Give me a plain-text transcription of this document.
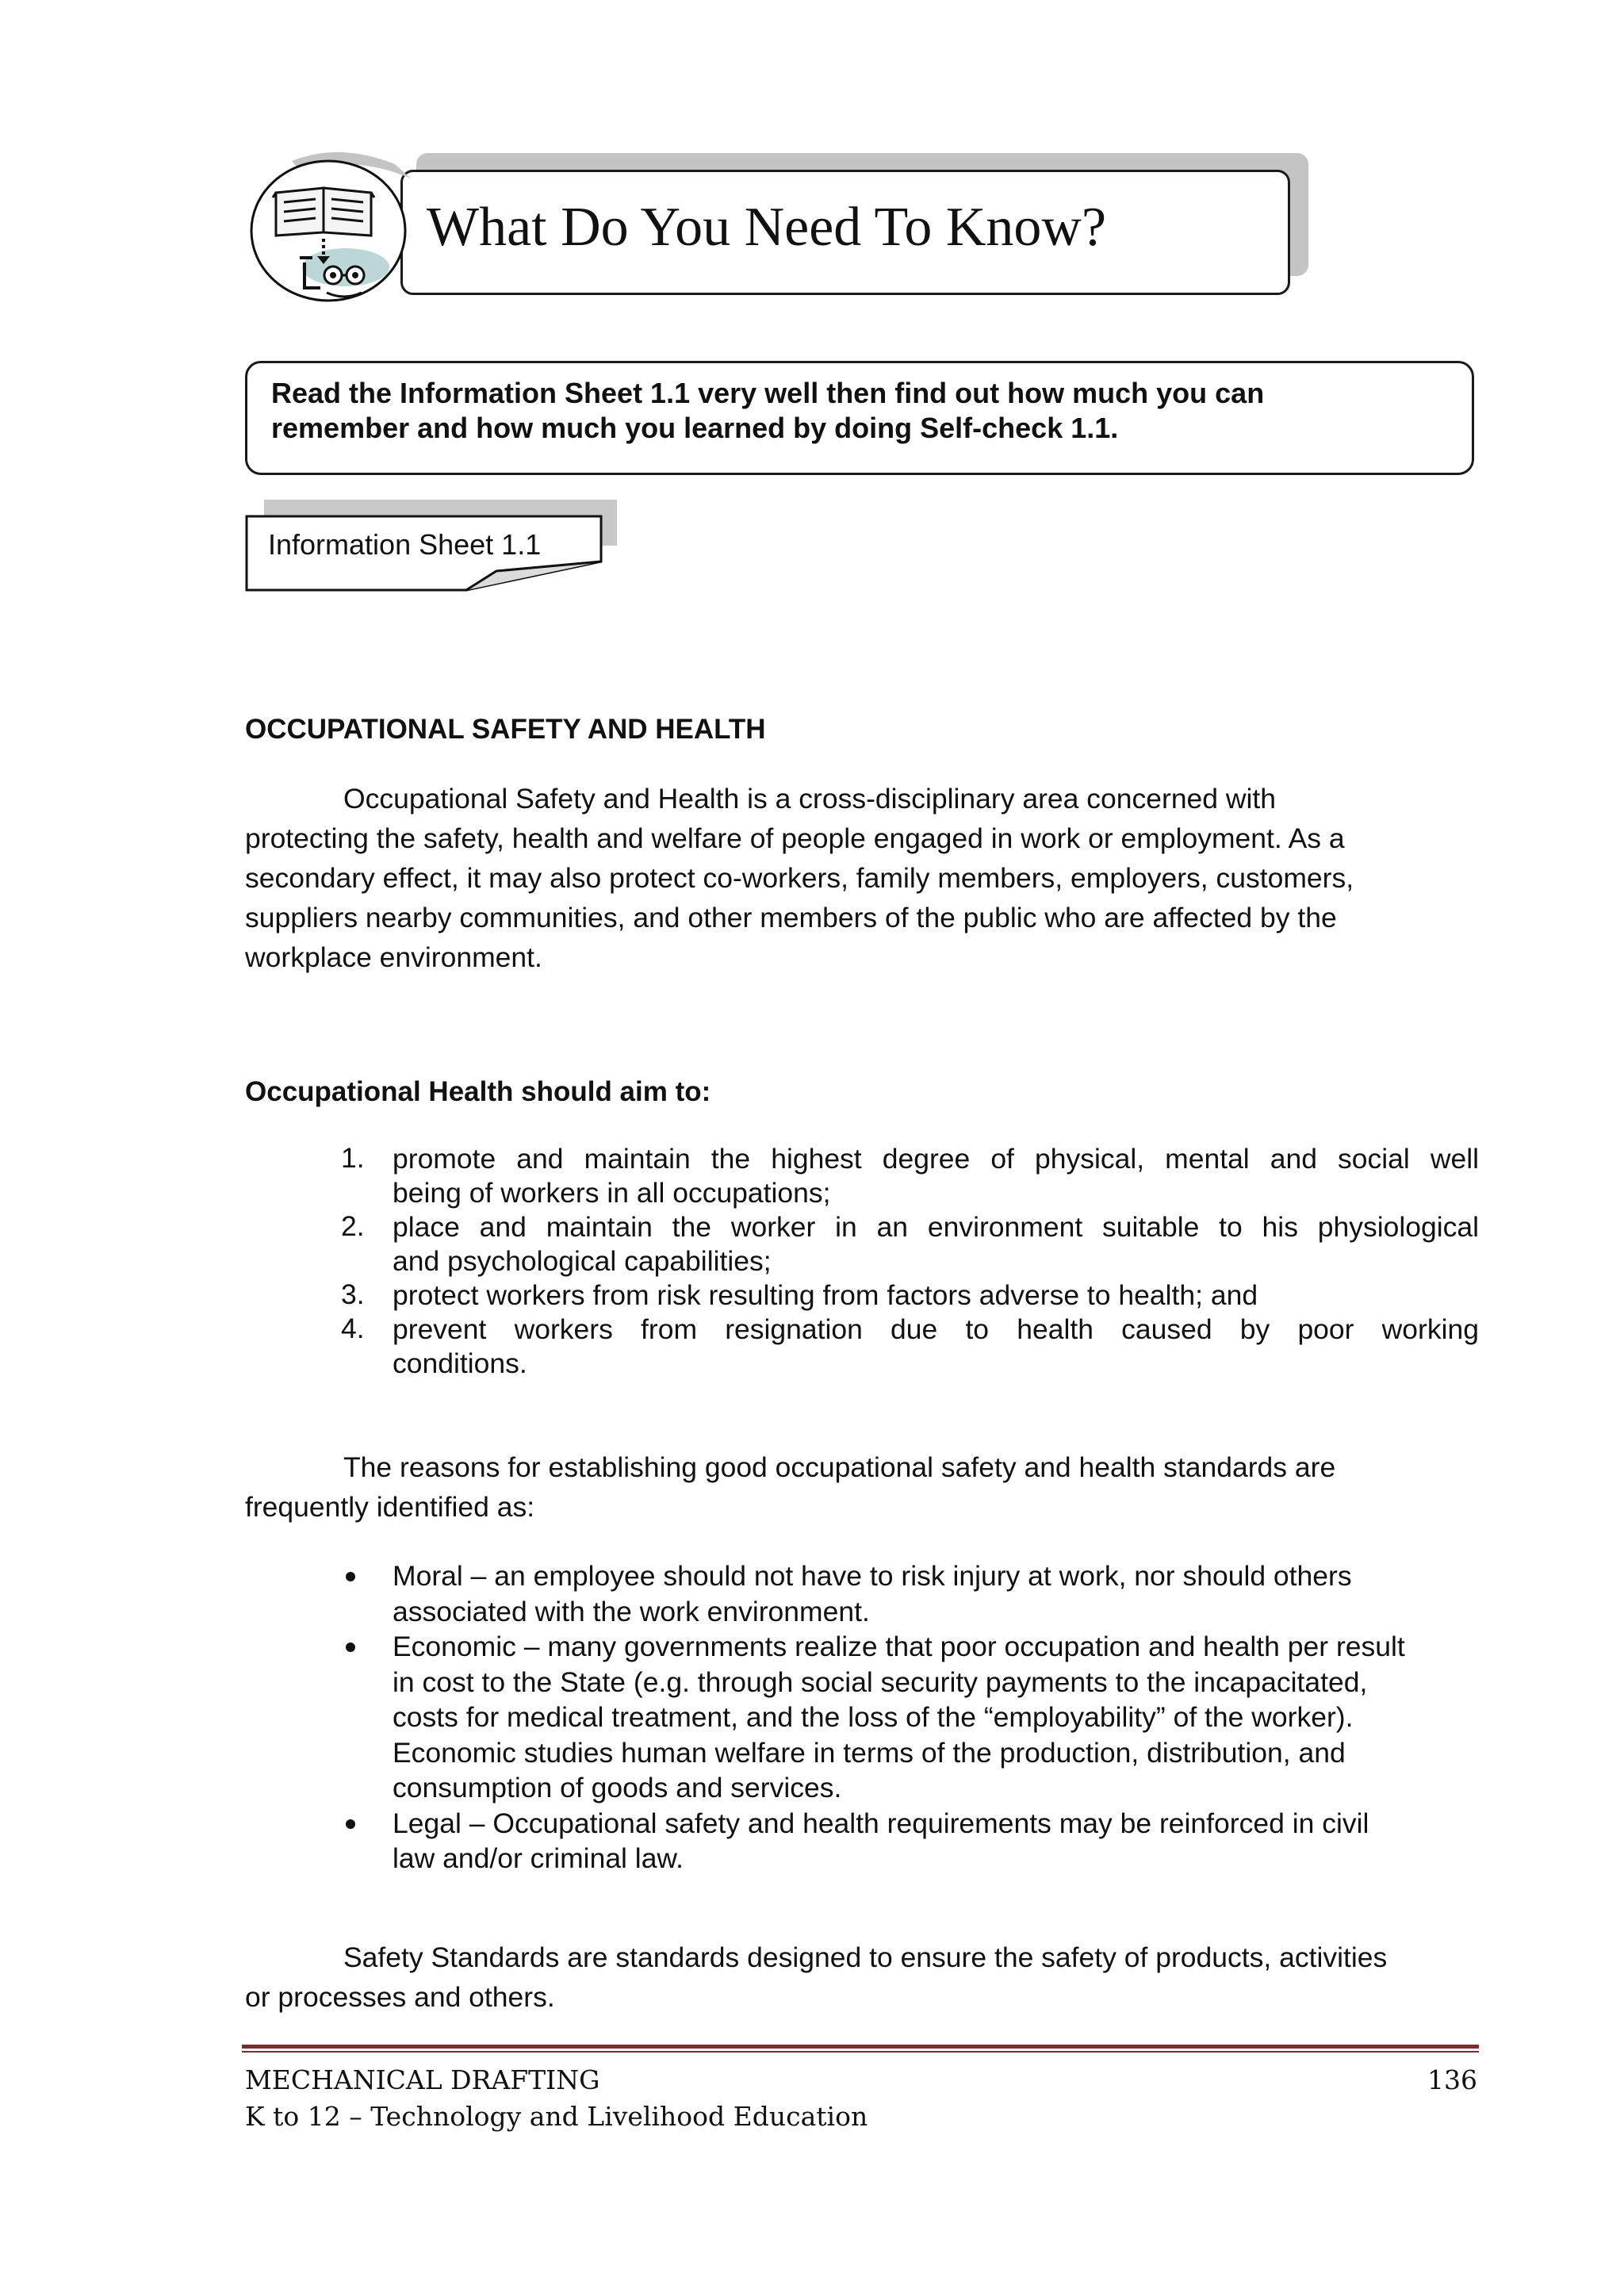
What Do You Need To Know?
Read the Information Sheet 1.1 very well then find out how much you can
remember and how much you learned by doing Self-check 1.1.
Information Sheet 1.1
OCCUPATIONAL SAFETY AND HEALTH
Occupational Safety and Health is a cross-disciplinary area concerned with
protecting the safety, health and welfare of people engaged in work or employment. As a
secondary effect, it may also protect co-workers, family members, employers, customers,
suppliers nearby communities, and other members of the public who are affected by the
workplace environment.
Occupational Health should aim to:
1. promote and maintain the highest degree of physical, mental and social well
being of workers in all occupations;
2. place and maintain the worker in an environment suitable to his physiological
and psychological capabilities;
3. protect workers from risk resulting from factors adverse to health; and
4. prevent workers from resignation due to health caused by poor working
conditions.
The reasons for establishing good occupational safety and health standards are
frequently identified as:
Moral – an employee should not have to risk injury at work, nor should others
associated with the work environment.
Economic – many governments realize that poor occupation and health per result
in cost to the State (e.g. through social security payments to the incapacitated,
costs for medical treatment, and the loss of the “employability” of the worker).
Economic studies human welfare in terms of the production, distribution, and
consumption of goods and services.
Legal – Occupational safety and health requirements may be reinforced in civil
law and/or criminal law.
Safety Standards are standards designed to ensure the safety of products, activities
or processes and others.
MECHANICAL DRAFTING
K to 12 – Technology and Livelihood Education
136
